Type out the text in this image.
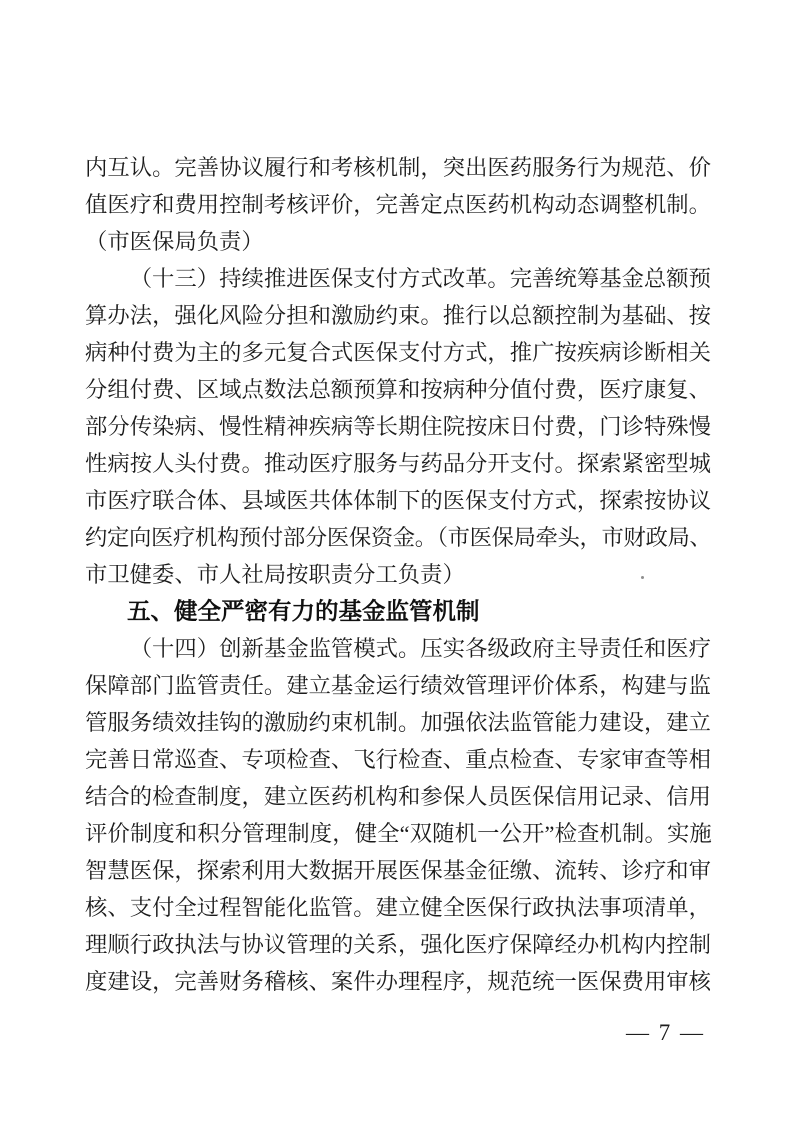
内互认。完善协议履行和考核机制，突出医药服务行为规范、价
值医疗和费用控制考核评价，完善定点医药机构动态调整机制。
（市医保局负责）
（十三）持续推进医保支付方式改革。完善统筹基金总额预
算办法，强化风险分担和激励约束。推行以总额控制为基础、按
病种付费为主的多元复合式医保支付方式，推广按疾病诊断相关
分组付费、区域点数法总额预算和按病种分值付费，医疗康复、
部分传染病、慢性精神疾病等长期住院按床日付费，门诊特殊慢
性病按人头付费。推动医疗服务与药品分开支付。探索紧密型城
市医疗联合体、县域医共体体制下的医保支付方式，探索按协议
约定向医疗机构预付部分医保资金。（市医保局牵头，市财政局、
市卫健委、市人社局按职责分工负责）
五、健全严密有力的基金监管机制
（十四）创新基金监管模式。压实各级政府主导责任和医疗
保障部门监管责任。建立基金运行绩效管理评价体系，构建与监
管服务绩效挂钩的激励约束机制。加强依法监管能力建设，建立
完善日常巡查、专项检查、飞行检查、重点检查、专家审查等相
结合的检查制度，建立医药机构和参保人员医保信用记录、信用
评价制度和积分管理制度，健全“双随机一公开”检查机制。实施
智慧医保，探索利用大数据开展医保基金征缴、流转、诊疗和审
核、支付全过程智能化监管。建立健全医保行政执法事项清单，
理顺行政执法与协议管理的关系，强化医疗保障经办机构内控制
度建设，完善财务稽核、案件办理程序，规范统一医保费用审核
— 7 —
